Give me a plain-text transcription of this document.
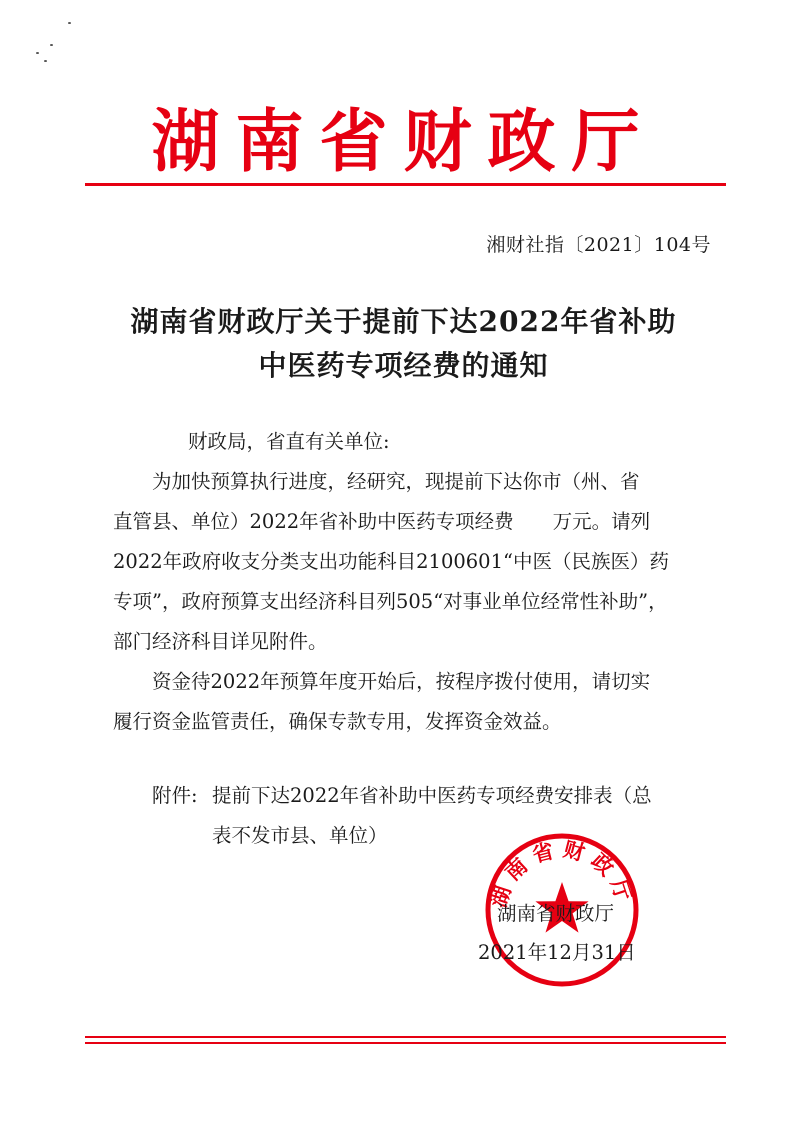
湖南省财政厅
湘财社指〔2021〕104号
湖南省财政厅关于提前下达2022年省补助
中医药专项经费的通知
财政局，省直有关单位:
为加快预算执行进度，经研究，现提前下达你市（州、省
直管县、单位）2022年省补助中医药专项经费　　万元。请列
2022年政府收支分类支出功能科目2100601“中医（民族医）药
专项”，政府预算支出经济科目列505“对事业单位经常性补助”，
部门经济科目详见附件。
资金待2022年预算年度开始后，按程序拨付使用，请切实
履行资金监管责任，确保专款专用，发挥资金效益。
附件: 提前下达2022年省补助中医药专项经费安排表（总
表不发市县、单位）
湖南省财政厅
湖南省财政厅
2021年12月31日
